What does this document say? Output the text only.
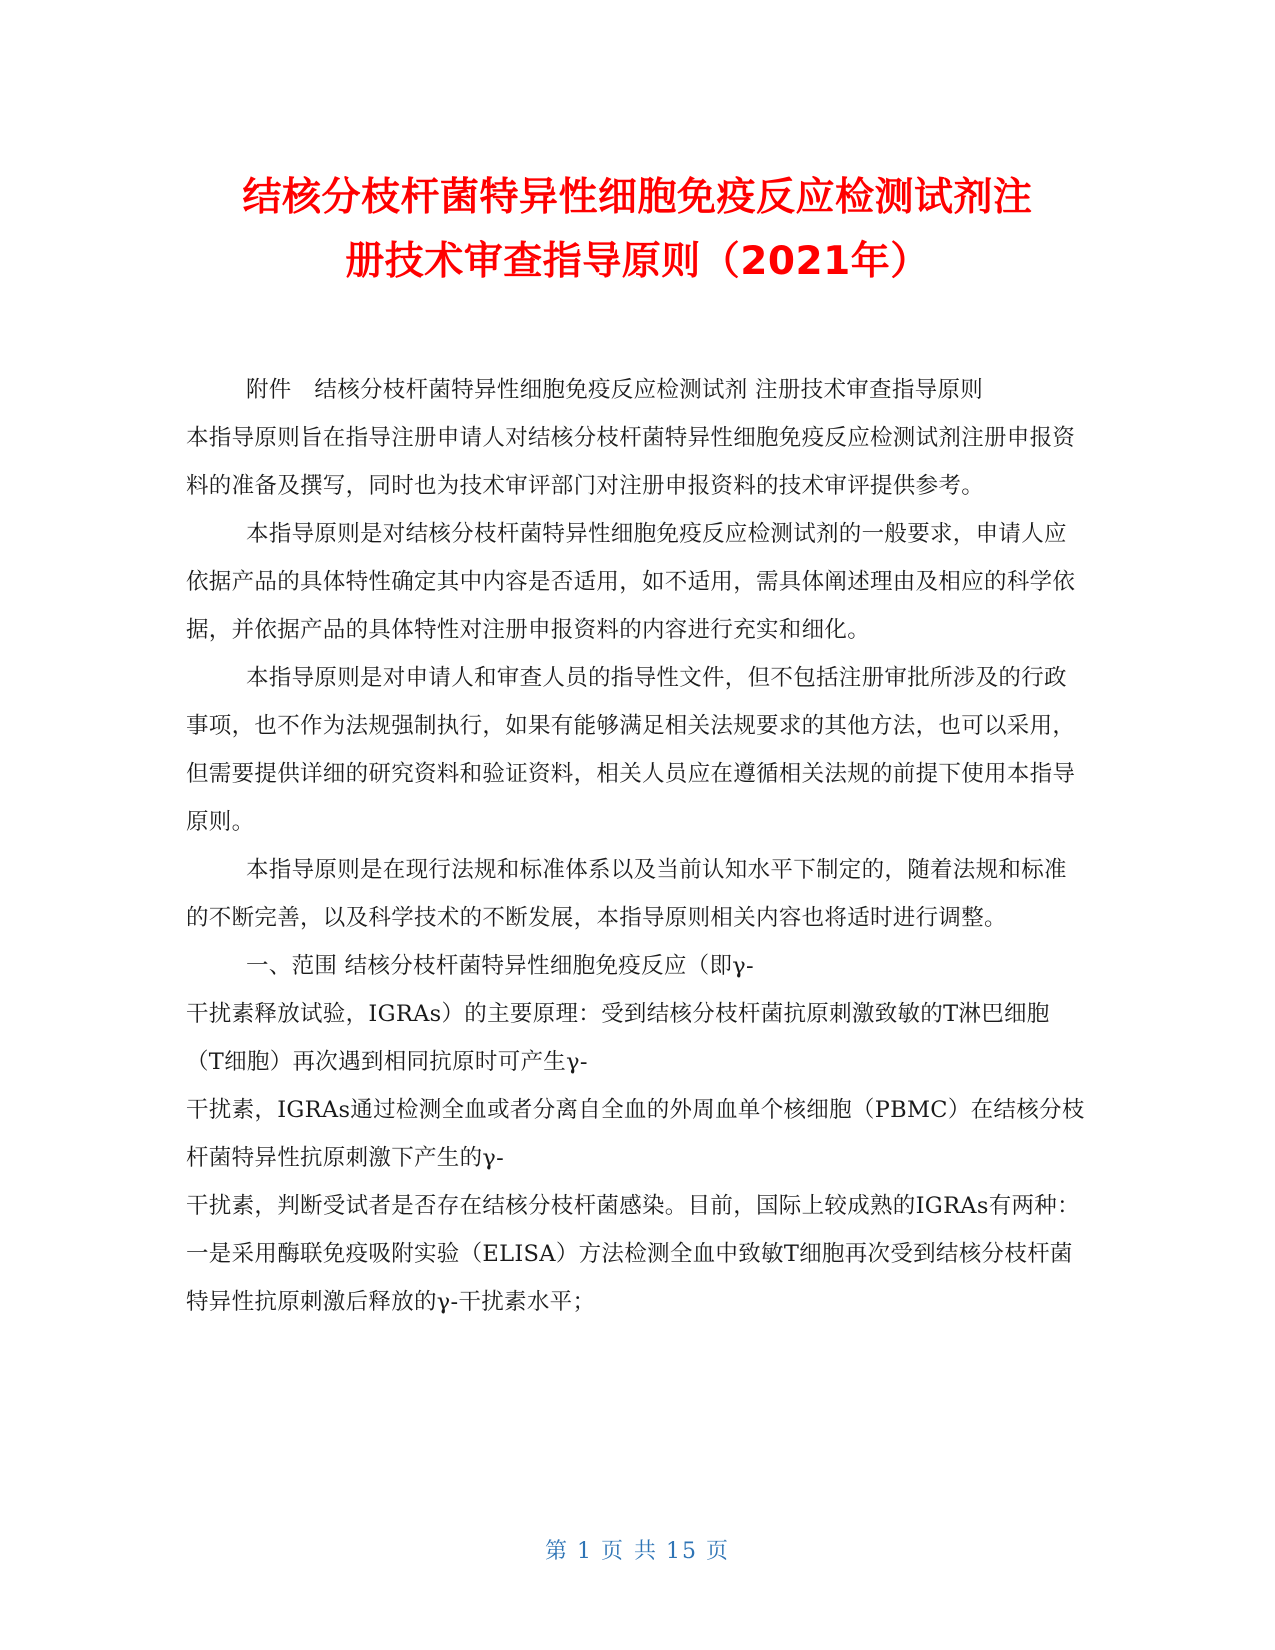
结核分枝杆菌特异性细胞免疫反应检测试剂注
册技术审查指导原则（2021年）

附件　结核分枝杆菌特异性细胞免疫反应检测试剂 注册技术审查指导原则

本指导原则旨在指导注册申请人对结核分枝杆菌特异性细胞免疫反应检测试剂注册申报资料的准备及撰写，同时也为技术审评部门对注册申报资料的技术审评提供参考。

本指导原则是对结核分枝杆菌特异性细胞免疫反应检测试剂的一般要求，申请人应依据产品的具体特性确定其中内容是否适用，如不适用，需具体阐述理由及相应的科学依据，并依据产品的具体特性对注册申报资料的内容进行充实和细化。

本指导原则是对申请人和审查人员的指导性文件，但不包括注册审批所涉及的行政事项，也不作为法规强制执行，如果有能够满足相关法规要求的其他方法，也可以采用，但需要提供详细的研究资料和验证资料，相关人员应在遵循相关法规的前提下使用本指导原则。

本指导原则是在现行法规和标准体系以及当前认知水平下制定的，随着法规和标准的不断完善，以及科学技术的不断发展，本指导原则相关内容也将适时进行调整。

一、范围 结核分枝杆菌特异性细胞免疫反应（即γ-

干扰素释放试验，IGRAs）的主要原理：受到结核分枝杆菌抗原刺激致敏的T淋巴细胞（T细胞）再次遇到相同抗原时可产生γ-

干扰素，IGRAs通过检测全血或者分离自全血的外周血单个核细胞（PBMC）在结核分枝杆菌特异性抗原刺激下产生的γ-

干扰素，判断受试者是否存在结核分枝杆菌感染。目前，国际上较成熟的IGRAs有两种：一是采用酶联免疫吸附实验（ELISA）方法检测全血中致敏T细胞再次受到结核分枝杆菌特异性抗原刺激后释放的γ-干扰素水平；

第 1 页 共 15 页
